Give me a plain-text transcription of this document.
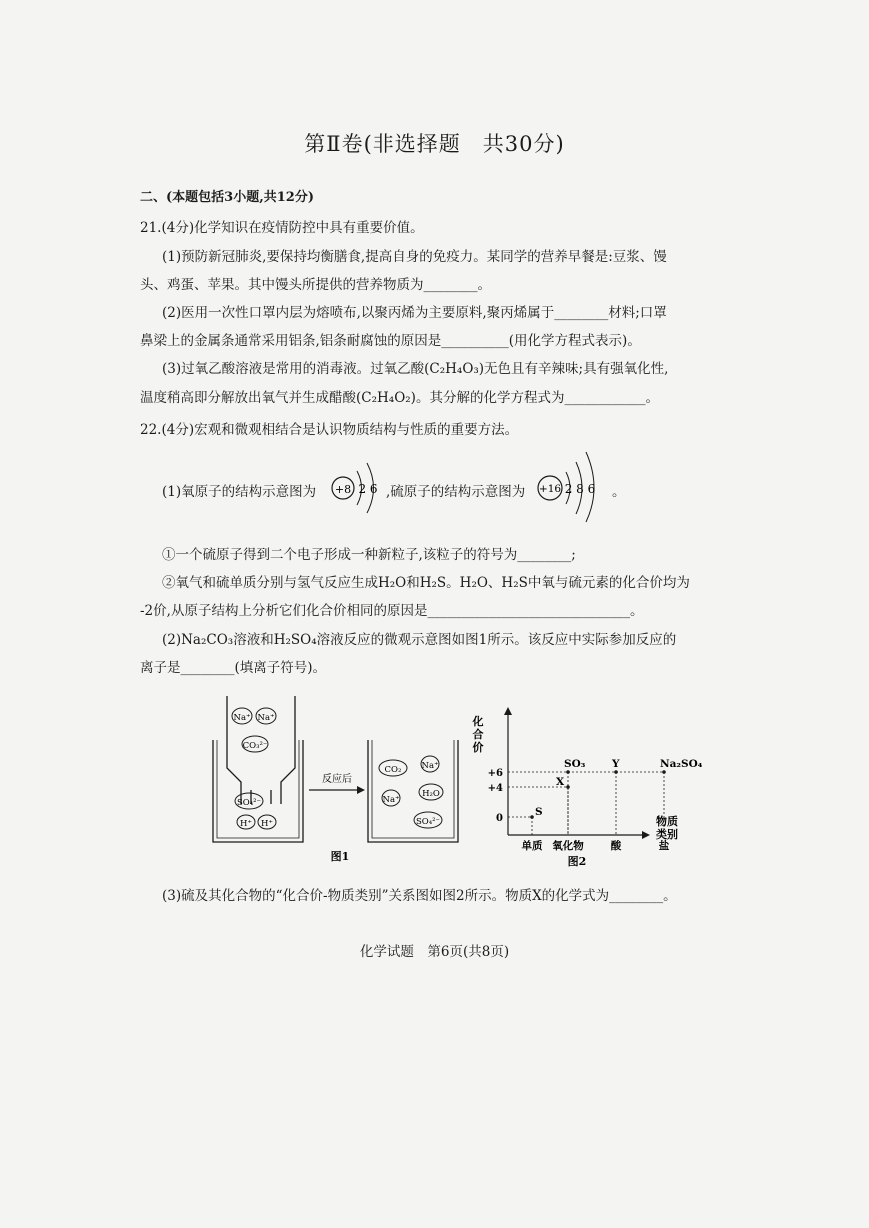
第Ⅱ卷(非选择题　共30分)
二、(本题包括3小题,共12分)
21.(4分)化学知识在疫情防控中具有重要价值。
(1)预防新冠肺炎,要保持均衡膳食,提高自身的免疫力。某同学的营养早餐是:豆浆、馒
头、鸡蛋、苹果。其中馒头所提供的营养物质为________。
(2)医用一次性口罩内层为熔喷布,以聚丙烯为主要原料,聚丙烯属于________材料;口罩
鼻梁上的金属条通常采用铝条,铝条耐腐蚀的原因是__________(用化学方程式表示)。
(3)过氧乙酸溶液是常用的消毒液。过氧乙酸(C₂H₄O₃)无色且有辛辣味;具有强氧化性,
温度稍高即分解放出氧气并生成醋酸(C₂H₄O₂)。其分解的化学方程式为____________。
22.(4分)宏观和微观相结合是认识物质结构与性质的重要方法。
(1)氧原子的结构示意图为 +8 2 6 ,硫原子的结构示意图为 +16 2 8 6 。
①一个硫原子得到二个电子形成一种新粒子,该粒子的符号为________;
②氧气和硫单质分别与氢气反应生成H₂O和H₂S。H₂O、H₂S中氧与硫元素的化合价均为
-2价,从原子结构上分析它们化合价相同的原因是______________________________。
(2)Na₂CO₃溶液和H₂SO₄溶液反应的微观示意图如图1所示。该反应中实际参加反应的
离子是________(填离子符号)。
Na⁺ Na⁺
CO₃²⁻
SO₄²⁻
H⁺ H⁺
反应后
CO₂ Na⁺
Na⁺
H₂O
SO₄²⁻
图1
化合价
物质类别
+6
+4
0
单质 氧化物	酸	盐
S
X
SO₃	Y	Na₂SO₄
图2
(3)硫及其化合物的“化合价-物质类别”关系图如图2所示。物质X的化学式为________。
化学试题　第6页(共8页)
